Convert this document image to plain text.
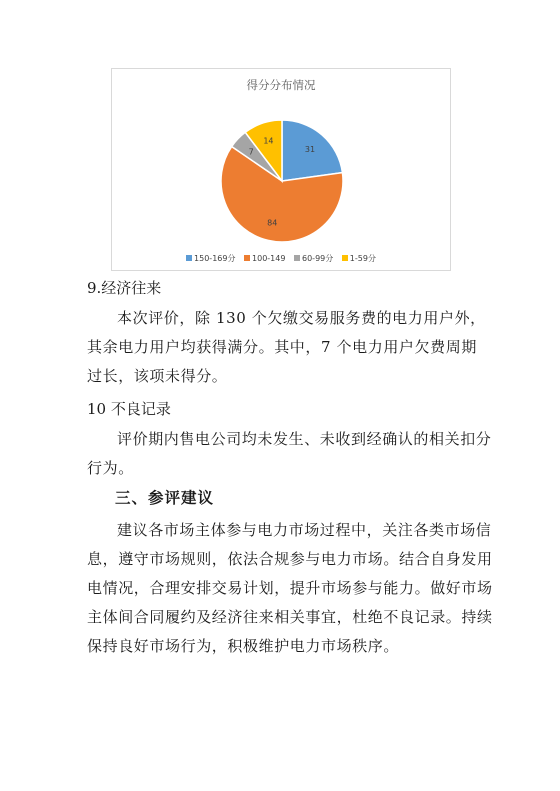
得分分布情况
31
84
7
14
150-169分 100-149 60-99分 1-59分
9.经济往来
本次评价，除 130 个欠缴交易服务费的电力用户外，
其余电力用户均获得满分。其中，7 个电力用户欠费周期
过长，该项未得分。
10 不良记录
评价期内售电公司均未发生、未收到经确认的相关扣分
行为。
三、参评建议
建议各市场主体参与电力市场过程中，关注各类市场信
息，遵守市场规则，依法合规参与电力市场。结合自身发用
电情况，合理安排交易计划，提升市场参与能力。做好市场
主体间合同履约及经济往来相关事宜，杜绝不良记录。持续
保持良好市场行为，积极维护电力市场秩序。
